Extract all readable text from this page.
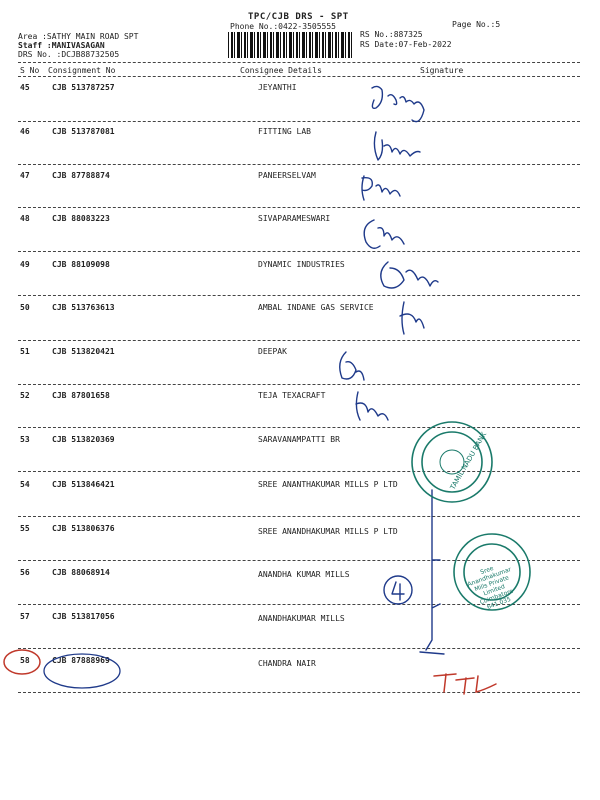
TPC/CJB DRS - SPT
Phone No.:0422-3505555	Page No.:5
Area :SATHY MAIN ROAD SPT
Staff :MANIVASAGAN
DRS No. :DCJB88732505
RS No.:887325
RS Date:07-Feb-2022
S No Consignment No	Consignee Details	Signature
45	CJB 513787257	JEYANTHI
46	CJB 513787081	FITTING LAB
47	CJB 87788874	PANEERSELVAM
48	CJB 88083223	SIVAPARAMESWARI
49	CJB 88109098	DYNAMIC INDUSTRIES
50	CJB 513763613	AMBAL INDANE GAS SERVICE
51	CJB 513820421	DEEPAK
52	CJB 87801658	TEJA TEXACRAFT
53	CJB 513820369	SARAVANAMPATTI BR
54	CJB 513846421	SREE ANANTHAKUMAR MILLS P LTD
55	CJB 513806376	SREE ANANDHAKUMAR MILLS P LTD
56	CJB 88068914	ANANDHA KUMAR MILLS
57	CJB 513817056	ANANDHAKUMAR MILLS
58	CJB 87888969	CHANDRA NAIR
TAMIL NADU BANK
Sree Anandhakumar Mills Private Limited Coimbatore 641 035
